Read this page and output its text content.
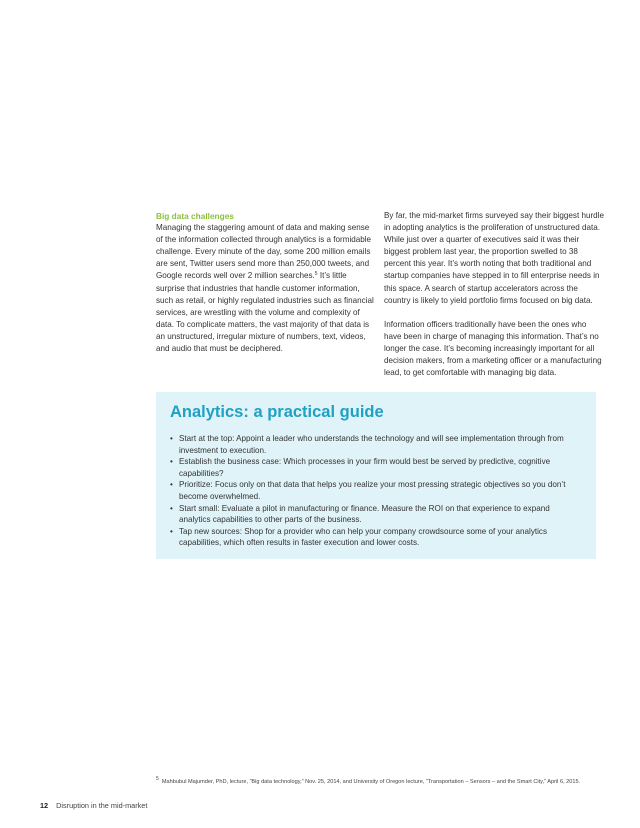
Big data challenges

Managing the staggering amount of data and making sense of the information collected through analytics is a formidable challenge. Every minute of the day, some 200 million emails are sent, Twitter users send more than 250,000 tweets, and Google records well over 2 million searches.$^5$ It’s little surprise that industries that handle customer information, such as retail, or highly regulated industries such as financial services, are wrestling with the volume and complexity of data. To complicate matters, the vast majority of that data is an unstructured, irregular mixture of numbers, text, videos, and audio that must be deciphered.

By far, the mid-market firms surveyed say their biggest hurdle in adopting analytics is the proliferation of unstructured data. While just over a quarter of executives said it was their biggest problem last year, the proportion swelled to 38 percent this year. It’s worth noting that both traditional and startup companies have stepped in to fill enterprise needs in this space. A search of startup accelerators across the country is likely to yield portfolio firms focused on big data.

Information officers traditionally have been the ones who have been in charge of managing this information. That’s no longer the case. It’s becoming increasingly important for all decision makers, from a marketing officer or a manufacturing lead, to get comfortable with managing big data.

Analytics: a practical guide
• Start at the top: Appoint a leader who understands the technology and will see implementation through from investment to execution.
• Establish the business case: Which processes in your firm would best be served by predictive, cognitive capabilities?
• Prioritize: Focus only on that data that helps you realize your most pressing strategic objectives so you don’t become overwhelmed.
• Start small: Evaluate a pilot in manufacturing or finance. Measure the ROI on that experience to expand analytics capabilities to other parts of the business.
• Tap new sources: Shop for a provider who can help your company crowdsource some of your analytics capabilities, which often results in faster execution and lower costs.
$^5$ Mahbubul Majumder, PhD, lecture, “Big data technology,” Nov. 25, 2014, and University of Oregon lecture, “Transportation – Sensors – and the Smart City,” April 6, 2015.
12 Disruption in the mid-market
